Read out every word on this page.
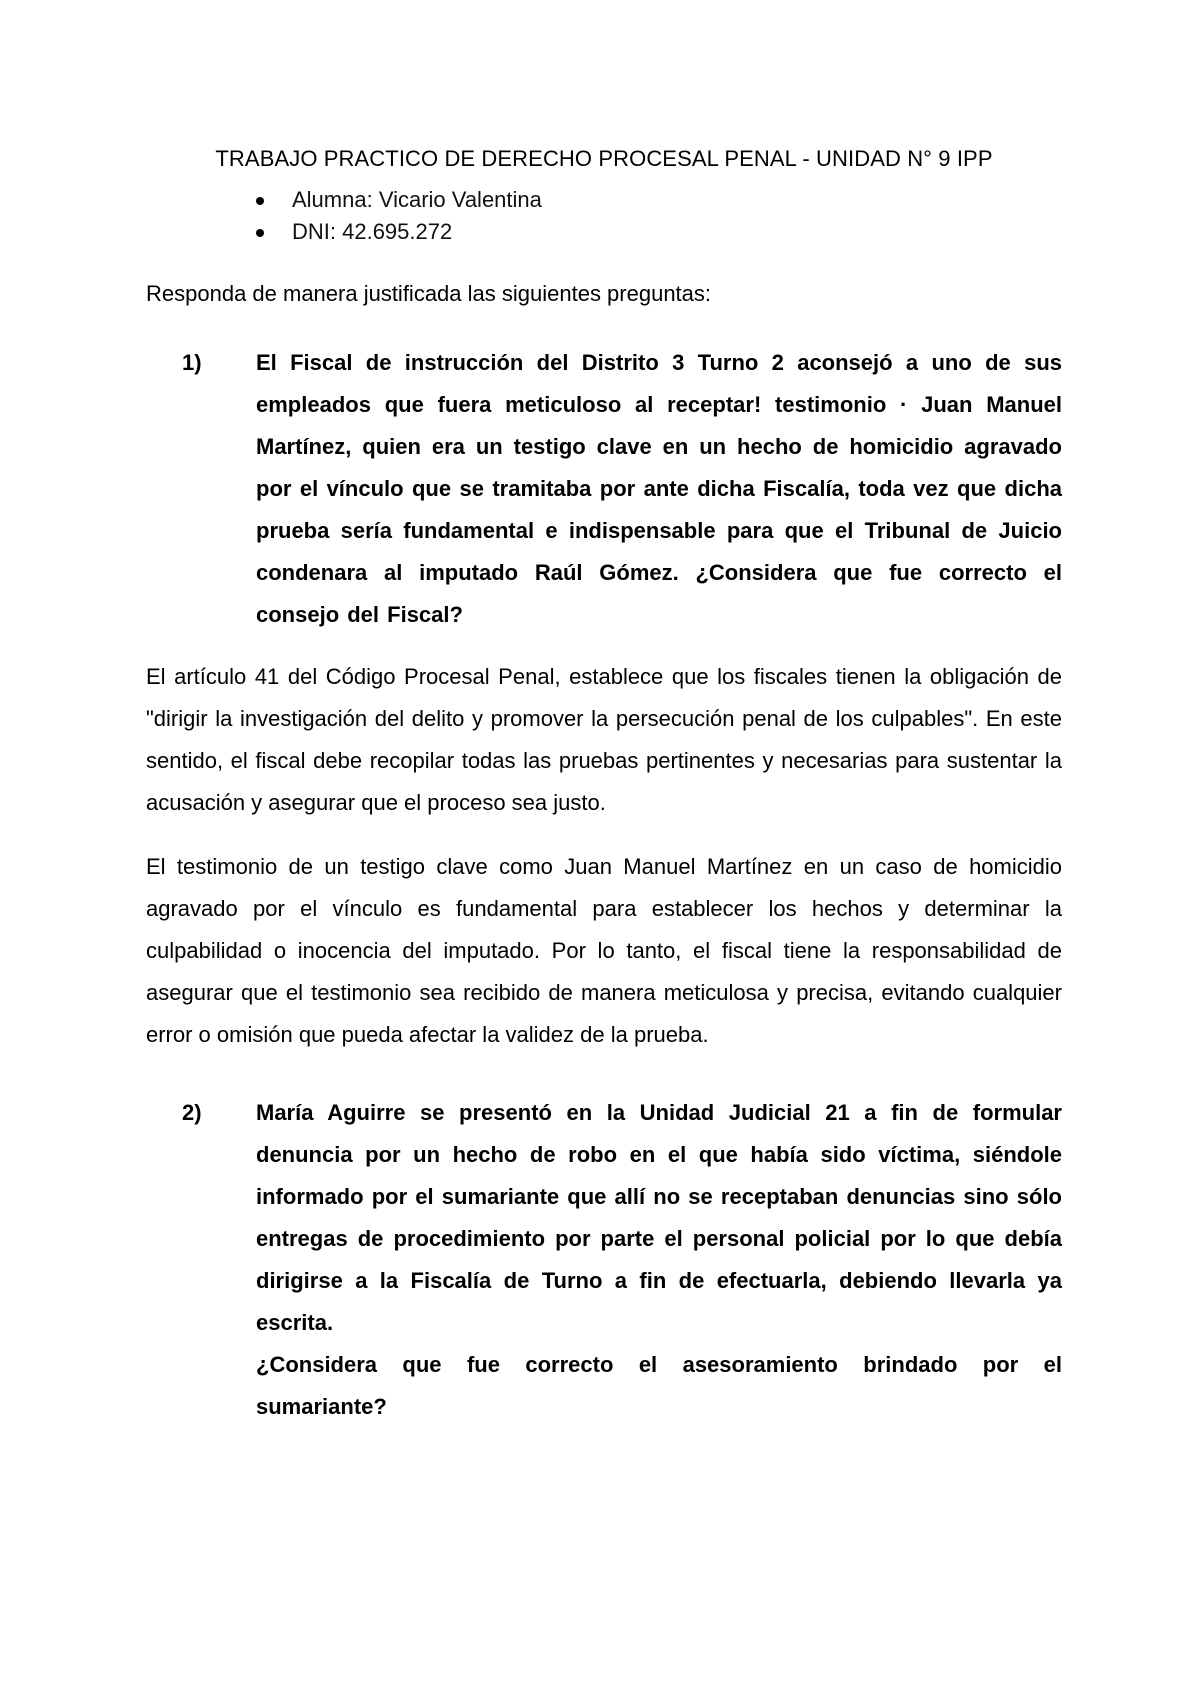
TRABAJO PRACTICO DE DERECHO PROCESAL PENAL - UNIDAD N° 9 IPP
Alumna: Vicario Valentina
DNI: 42.695.272

Responda de manera justificada las siguientes preguntas:

1)	El Fiscal de instrucción del Distrito 3 Turno 2 aconsejó a uno de sus empleados que fuera meticuloso al receptar! testimonio · Juan Manuel Martínez, quien era un testigo clave en un hecho de homicidio agravado por el vínculo que se tramitaba por ante dicha Fiscalía, toda vez que dicha prueba sería fundamental e indispensable para que el Tribunal de Juicio condenara al imputado Raúl Gómez. ¿Considera que fue correcto el consejo del Fiscal?

El artículo 41 del Código Procesal Penal, establece que los fiscales tienen la obligación de "dirigir la investigación del delito y promover la persecución penal de los culpables". En este sentido, el fiscal debe recopilar todas las pruebas pertinentes y necesarias para sustentar la acusación y asegurar que el proceso sea justo.

El testimonio de un testigo clave como Juan Manuel Martínez en un caso de homicidio agravado por el vínculo es fundamental para establecer los hechos y determinar la culpabilidad o inocencia del imputado. Por lo tanto, el fiscal tiene la responsabilidad de asegurar que el testimonio sea recibido de manera meticulosa y precisa, evitando cualquier error o omisión que pueda afectar la validez de la prueba.

2)	María Aguirre se presentó en la Unidad Judicial 21 a fin de formular denuncia por un hecho de robo en el que había sido víctima, siéndole informado por el sumariante que allí no se receptaban denuncias sino sólo entregas de procedimiento por parte el personal policial por lo que debía dirigirse a la Fiscalía de Turno a fin de efectuarla, debiendo llevarla ya escrita.
¿Considera que fue correcto el asesoramiento brindado por el sumariante?
